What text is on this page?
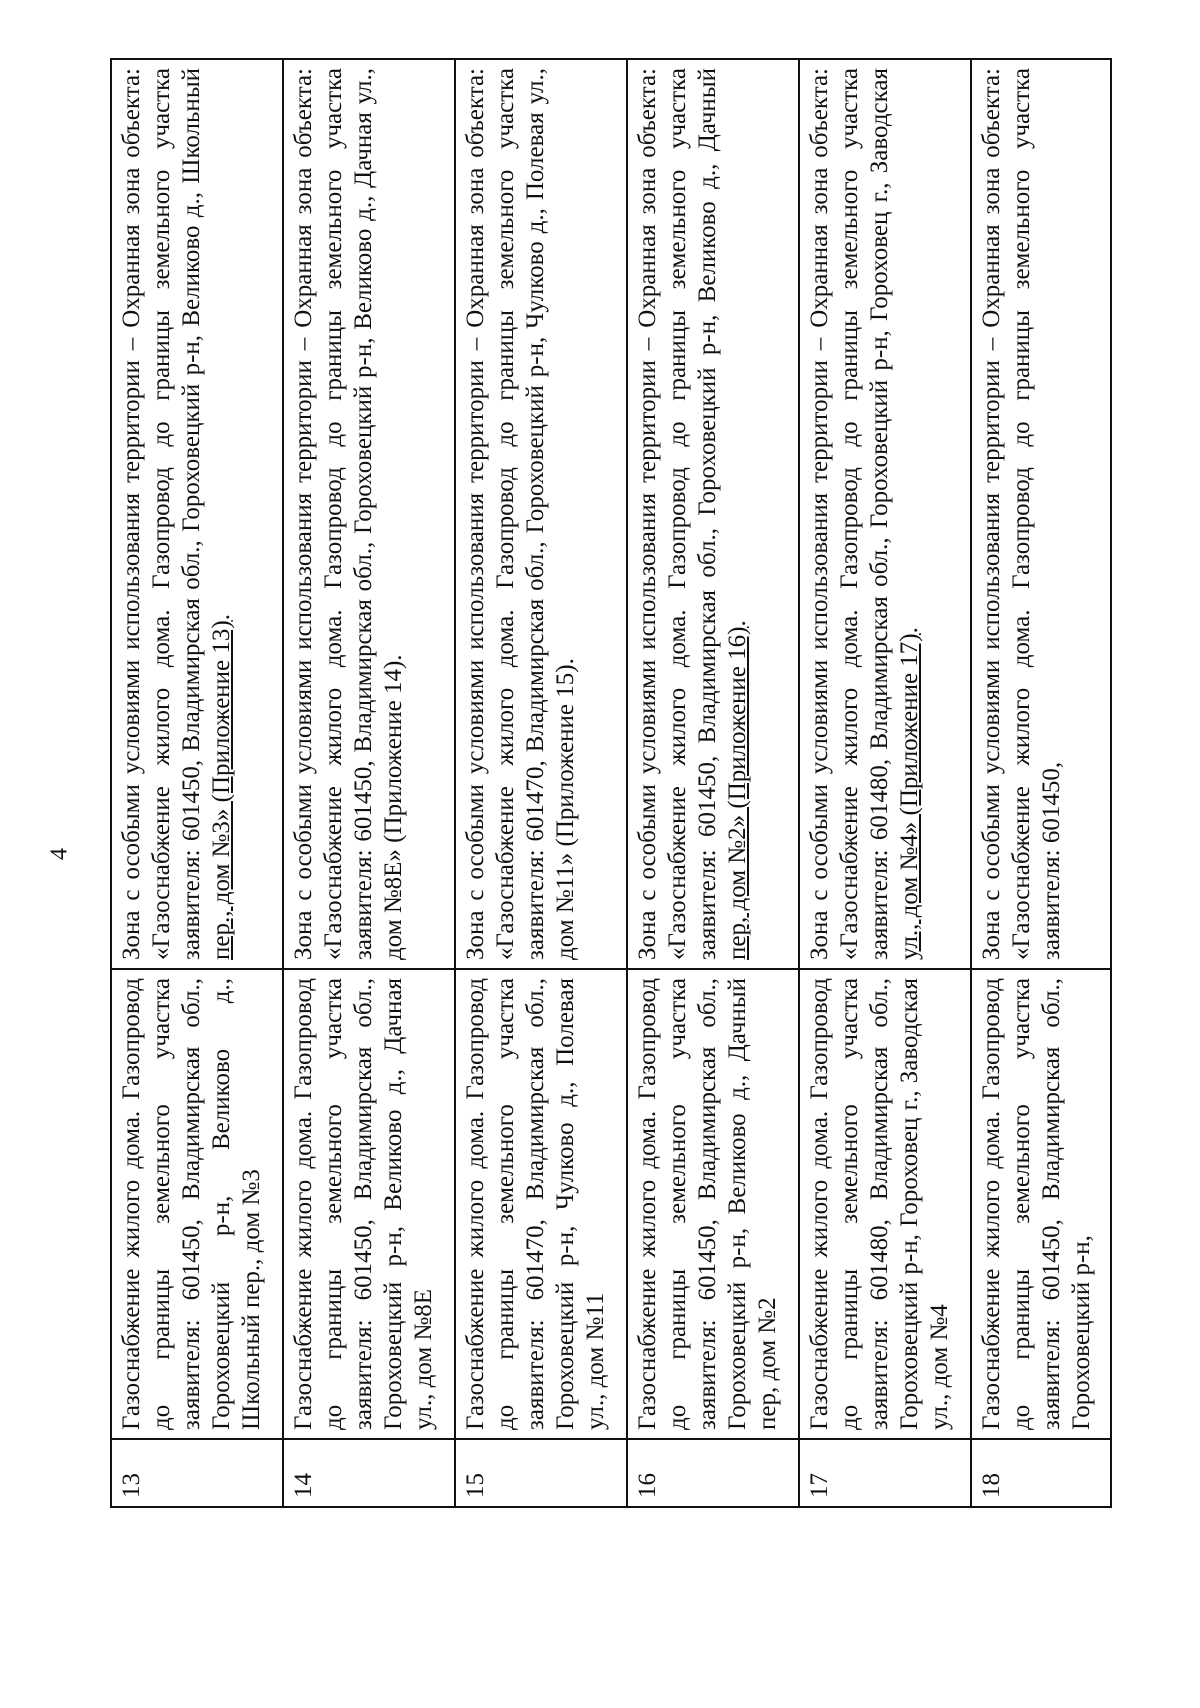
4
13	Газоснабжение жилого дома. Газопровод до границы земельного участка заявителя: 601450, Владимирская обл., Гороховецкий р-н, Великово д., Школьный пер., дом №3	Зона с особыми условиями использования территории – Охранная зона объекта: «Газоснабжение жилого дома. Газопровод до границы земельного участка заявителя: 601450, Владимирская обл., Гороховецкий р-н, Великово д., Школьный пер., дом №3» (Приложение 13).
14	Газоснабжение жилого дома. Газопровод до границы земельного участка заявителя: 601450, Владимирская обл., Гороховецкий р-н, Великово д., Дачная ул., дом №8Е	Зона с особыми условиями использования территории – Охранная зона объекта: «Газоснабжение жилого дома. Газопровод до границы земельного участка заявителя: 601450, Владимирская обл., Гороховецкий р-н, Великово д., Дачная ул., дом №8Е» (Приложение 14).
15	Газоснабжение жилого дома. Газопровод до границы земельного участка заявителя: 601470, Владимирская обл., Гороховецкий р-н, Чулково д., Полевая ул., дом №11	Зона с особыми условиями использования территории – Охранная зона объекта: «Газоснабжение жилого дома. Газопровод до границы земельного участка заявителя: 601470, Владимирская обл., Гороховецкий р-н, Чулково д., Полевая ул., дом №11» (Приложение 15).
16	Газоснабжение жилого дома. Газопровод до границы земельного участка заявителя: 601450, Владимирская обл., Гороховецкий р-н, Великово д., Дачный пер, дом №2	Зона с особыми условиями использования территории – Охранная зона объекта: «Газоснабжение жилого дома. Газопровод до границы земельного участка заявителя: 601450, Владимирская обл., Гороховецкий р-н, Великово д., Дачный пер, дом №2» (Приложение 16).
17	Газоснабжение жилого дома. Газопровод до границы земельного участка заявителя: 601480, Владимирская обл., Гороховецкий р-н, Гороховец г., Заводская ул., дом №4	Зона с особыми условиями использования территории – Охранная зона объекта: «Газоснабжение жилого дома. Газопровод до границы земельного участка заявителя: 601480, Владимирская обл., Гороховецкий р-н, Гороховец г., Заводская ул., дом №4» (Приложение 17).
18	Газоснабжение жилого дома. Газопровод до границы земельного участка заявителя: 601450, Владимирская обл., Гороховецкий р-н,	Зона с особыми условиями использования территории – Охранная зона объекта: «Газоснабжение жилого дома. Газопровод до границы земельного участка заявителя: 601450,
